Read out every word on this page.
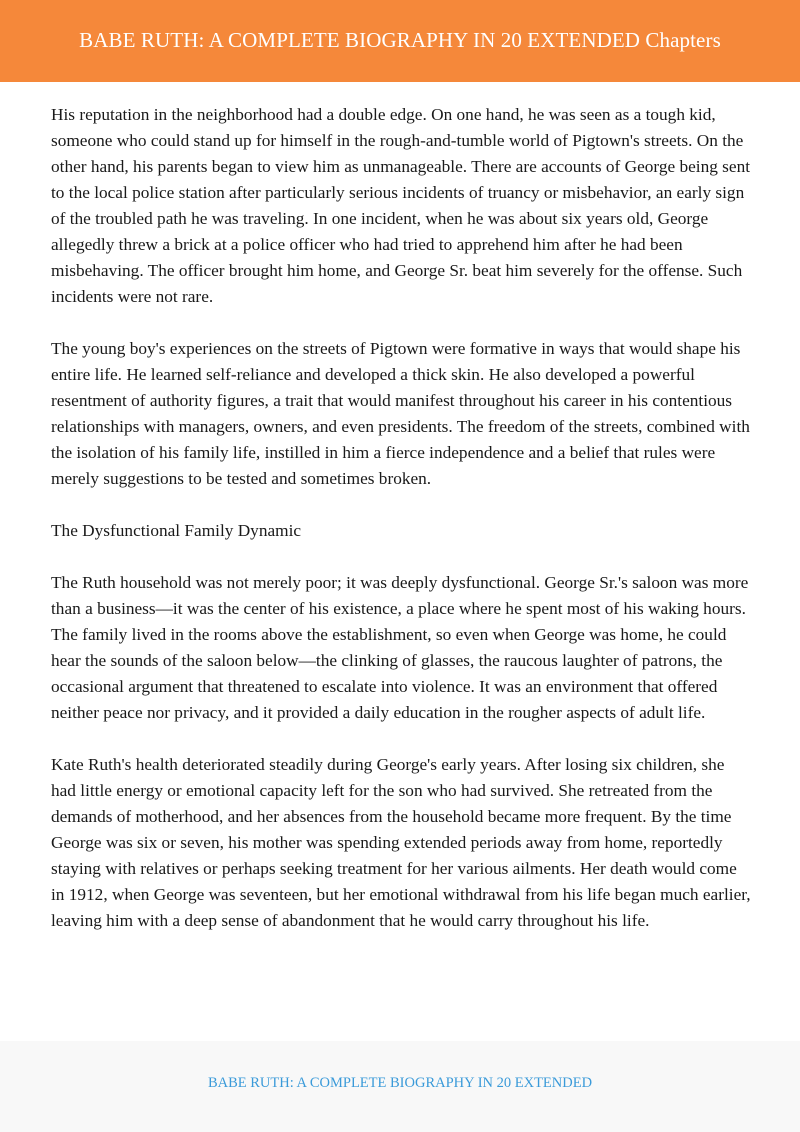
BABE RUTH: A COMPLETE BIOGRAPHY IN 20 EXTENDED Chapters

His reputation in the neighborhood had a double edge. On one hand, he was seen as a tough kid, someone who could stand up for himself in the rough-and-tumble world of Pigtown's streets. On the other hand, his parents began to view him as unmanageable. There are accounts of George being sent to the local police station after particularly serious incidents of truancy or misbehavior, an early sign of the troubled path he was traveling. In one incident, when he was about six years old, George allegedly threw a brick at a police officer who had tried to apprehend him after he had been misbehaving. The officer brought him home, and George Sr. beat him severely for the offense. Such incidents were not rare.

The young boy's experiences on the streets of Pigtown were formative in ways that would shape his entire life. He learned self-reliance and developed a thick skin. He also developed a powerful resentment of authority figures, a trait that would manifest throughout his career in his contentious relationships with managers, owners, and even presidents. The freedom of the streets, combined with the isolation of his family life, instilled in him a fierce independence and a belief that rules were merely suggestions to be tested and sometimes broken.

The Dysfunctional Family Dynamic

The Ruth household was not merely poor; it was deeply dysfunctional. George Sr.'s saloon was more than a business—it was the center of his existence, a place where he spent most of his waking hours. The family lived in the rooms above the establishment, so even when George was home, he could hear the sounds of the saloon below—the clinking of glasses, the raucous laughter of patrons, the occasional argument that threatened to escalate into violence. It was an environment that offered neither peace nor privacy, and it provided a daily education in the rougher aspects of adult life.

Kate Ruth's health deteriorated steadily during George's early years. After losing six children, she had little energy or emotional capacity left for the son who had survived. She retreated from the demands of motherhood, and her absences from the household became more frequent. By the time George was six or seven, his mother was spending extended periods away from home, reportedly staying with relatives or perhaps seeking treatment for her various ailments. Her death would come in 1912, when George was seventeen, but her emotional withdrawal from his life began much earlier, leaving him with a deep sense of abandonment that he would carry throughout his life.

BABE RUTH: A COMPLETE BIOGRAPHY IN 20 EXTENDED
